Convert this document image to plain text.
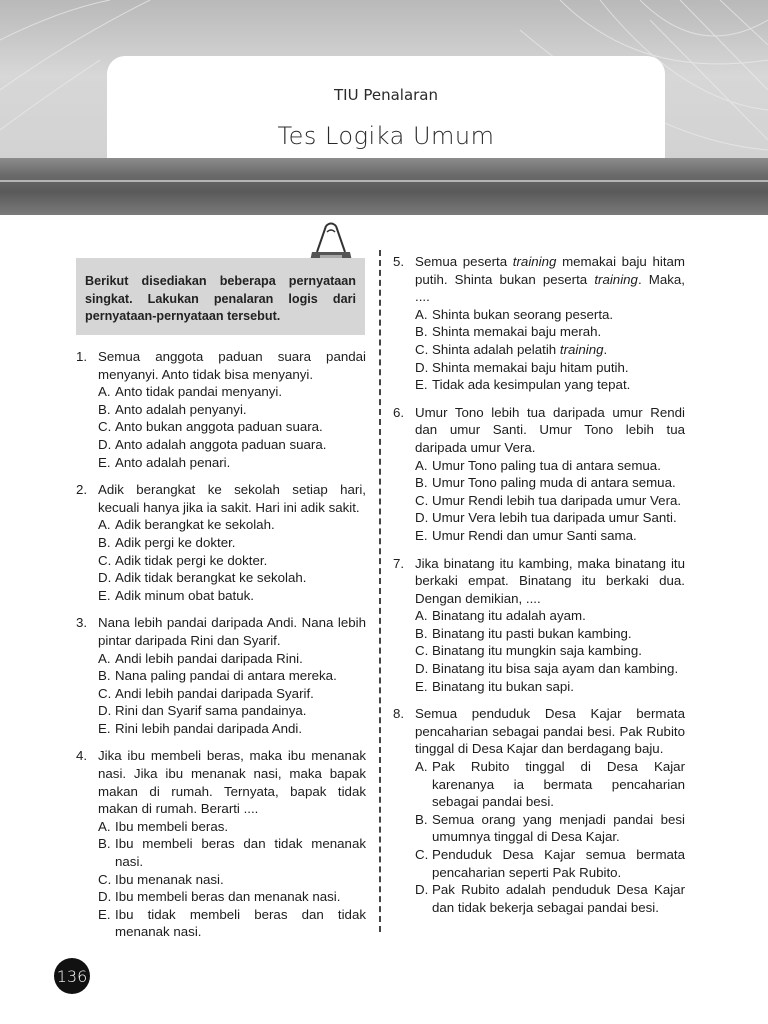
TIU Penalaran
Tes Logika Umum
Berikut disediakan beberapa pernyataan singkat. Lakukan penalaran logis dari pernyataan-pernyataan tersebut.
1. Semua anggota paduan suara pandai menyanyi. Anto tidak bisa menyanyi.
A. Anto tidak pandai menyanyi.
B. Anto adalah penyanyi.
C. Anto bukan anggota paduan suara.
D. Anto adalah anggota paduan suara.
E. Anto adalah penari.
2. Adik berangkat ke sekolah setiap hari, kecuali hanya jika ia sakit. Hari ini adik sakit.
A. Adik berangkat ke sekolah.
B. Adik pergi ke dokter.
C. Adik tidak pergi ke dokter.
D. Adik tidak berangkat ke sekolah.
E. Adik minum obat batuk.
3. Nana lebih pandai daripada Andi. Nana lebih pintar daripada Rini dan Syarif.
A. Andi lebih pandai daripada Rini.
B. Nana paling pandai di antara mereka.
C. Andi lebih pandai daripada Syarif.
D. Rini dan Syarif sama pandainya.
E. Rini lebih pandai daripada Andi.
4. Jika ibu membeli beras, maka ibu menanak nasi. Jika ibu menanak nasi, maka bapak makan di rumah. Ternyata, bapak tidak makan di rumah. Berarti ....
A. Ibu membeli beras.
B. Ibu membeli beras dan tidak menanak nasi.
C. Ibu menanak nasi.
D. Ibu membeli beras dan menanak nasi.
E. Ibu tidak membeli beras dan tidak menanak nasi.
5. Semua peserta training memakai baju hitam putih. Shinta bukan peserta training. Maka, ....
A. Shinta bukan seorang peserta.
B. Shinta memakai baju merah.
C. Shinta adalah pelatih training.
D. Shinta memakai baju hitam putih.
E. Tidak ada kesimpulan yang tepat.
6. Umur Tono lebih tua daripada umur Rendi dan umur Santi. Umur Tono lebih tua daripada umur Vera.
A. Umur Tono paling tua di antara semua.
B. Umur Tono paling muda di antara semua.
C. Umur Rendi lebih tua daripada umur Vera.
D. Umur Vera lebih tua daripada umur Santi.
E. Umur Rendi dan umur Santi sama.
7. Jika binatang itu kambing, maka binatang itu berkaki empat. Binatang itu berkaki dua. Dengan demikian, ....
A. Binatang itu adalah ayam.
B. Binatang itu pasti bukan kambing.
C. Binatang itu mungkin saja kambing.
D. Binatang itu bisa saja ayam dan kambing.
E. Binatang itu bukan sapi.
8. Semua penduduk Desa Kajar bermata pencaharian sebagai pandai besi. Pak Rubito tinggal di Desa Kajar dan berdagang baju.
A. Pak Rubito tinggal di Desa Kajar karenanya ia bermata pencaharian sebagai pandai besi.
B. Semua orang yang menjadi pandai besi umumnya tinggal di Desa Kajar.
C. Penduduk Desa Kajar semua bermata pencaharian seperti Pak Rubito.
D. Pak Rubito adalah penduduk Desa Kajar dan tidak bekerja sebagai pandai besi.
136
